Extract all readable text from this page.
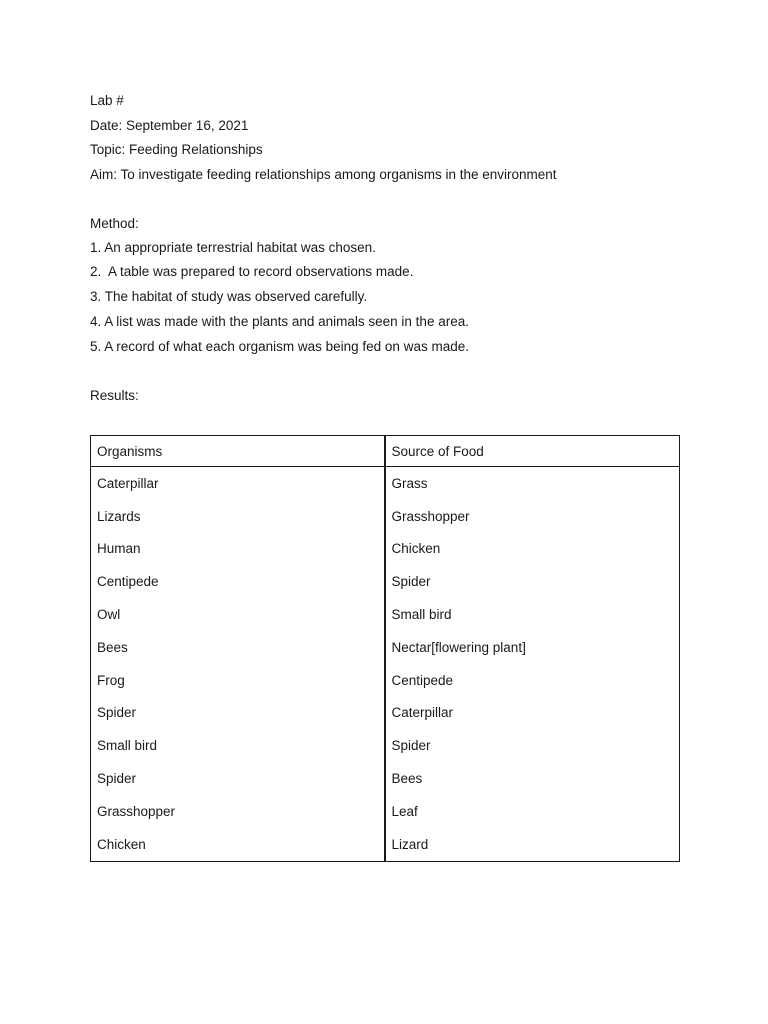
Lab #
Date: September 16, 2021
Topic: Feeding Relationships
Aim: To investigate feeding relationships among organisms in the environment
Method:
1. An appropriate terrestrial habitat was chosen.
2.  A table was prepared to record observations made.
3. The habitat of study was observed carefully.
4. A list was made with the plants and animals seen in the area.
5. A record of what each organism was being fed on was made.
Results:
Organisms	Source of Food
Caterpillar	Grass
Lizards	Grasshopper
Human	Chicken
Centipede	Spider
Owl	Small bird
Bees	Nectar[flowering plant]
Frog	Centipede
Spider	Caterpillar
Small bird	Spider
Spider	Bees
Grasshopper	Leaf
Chicken	Lizard
